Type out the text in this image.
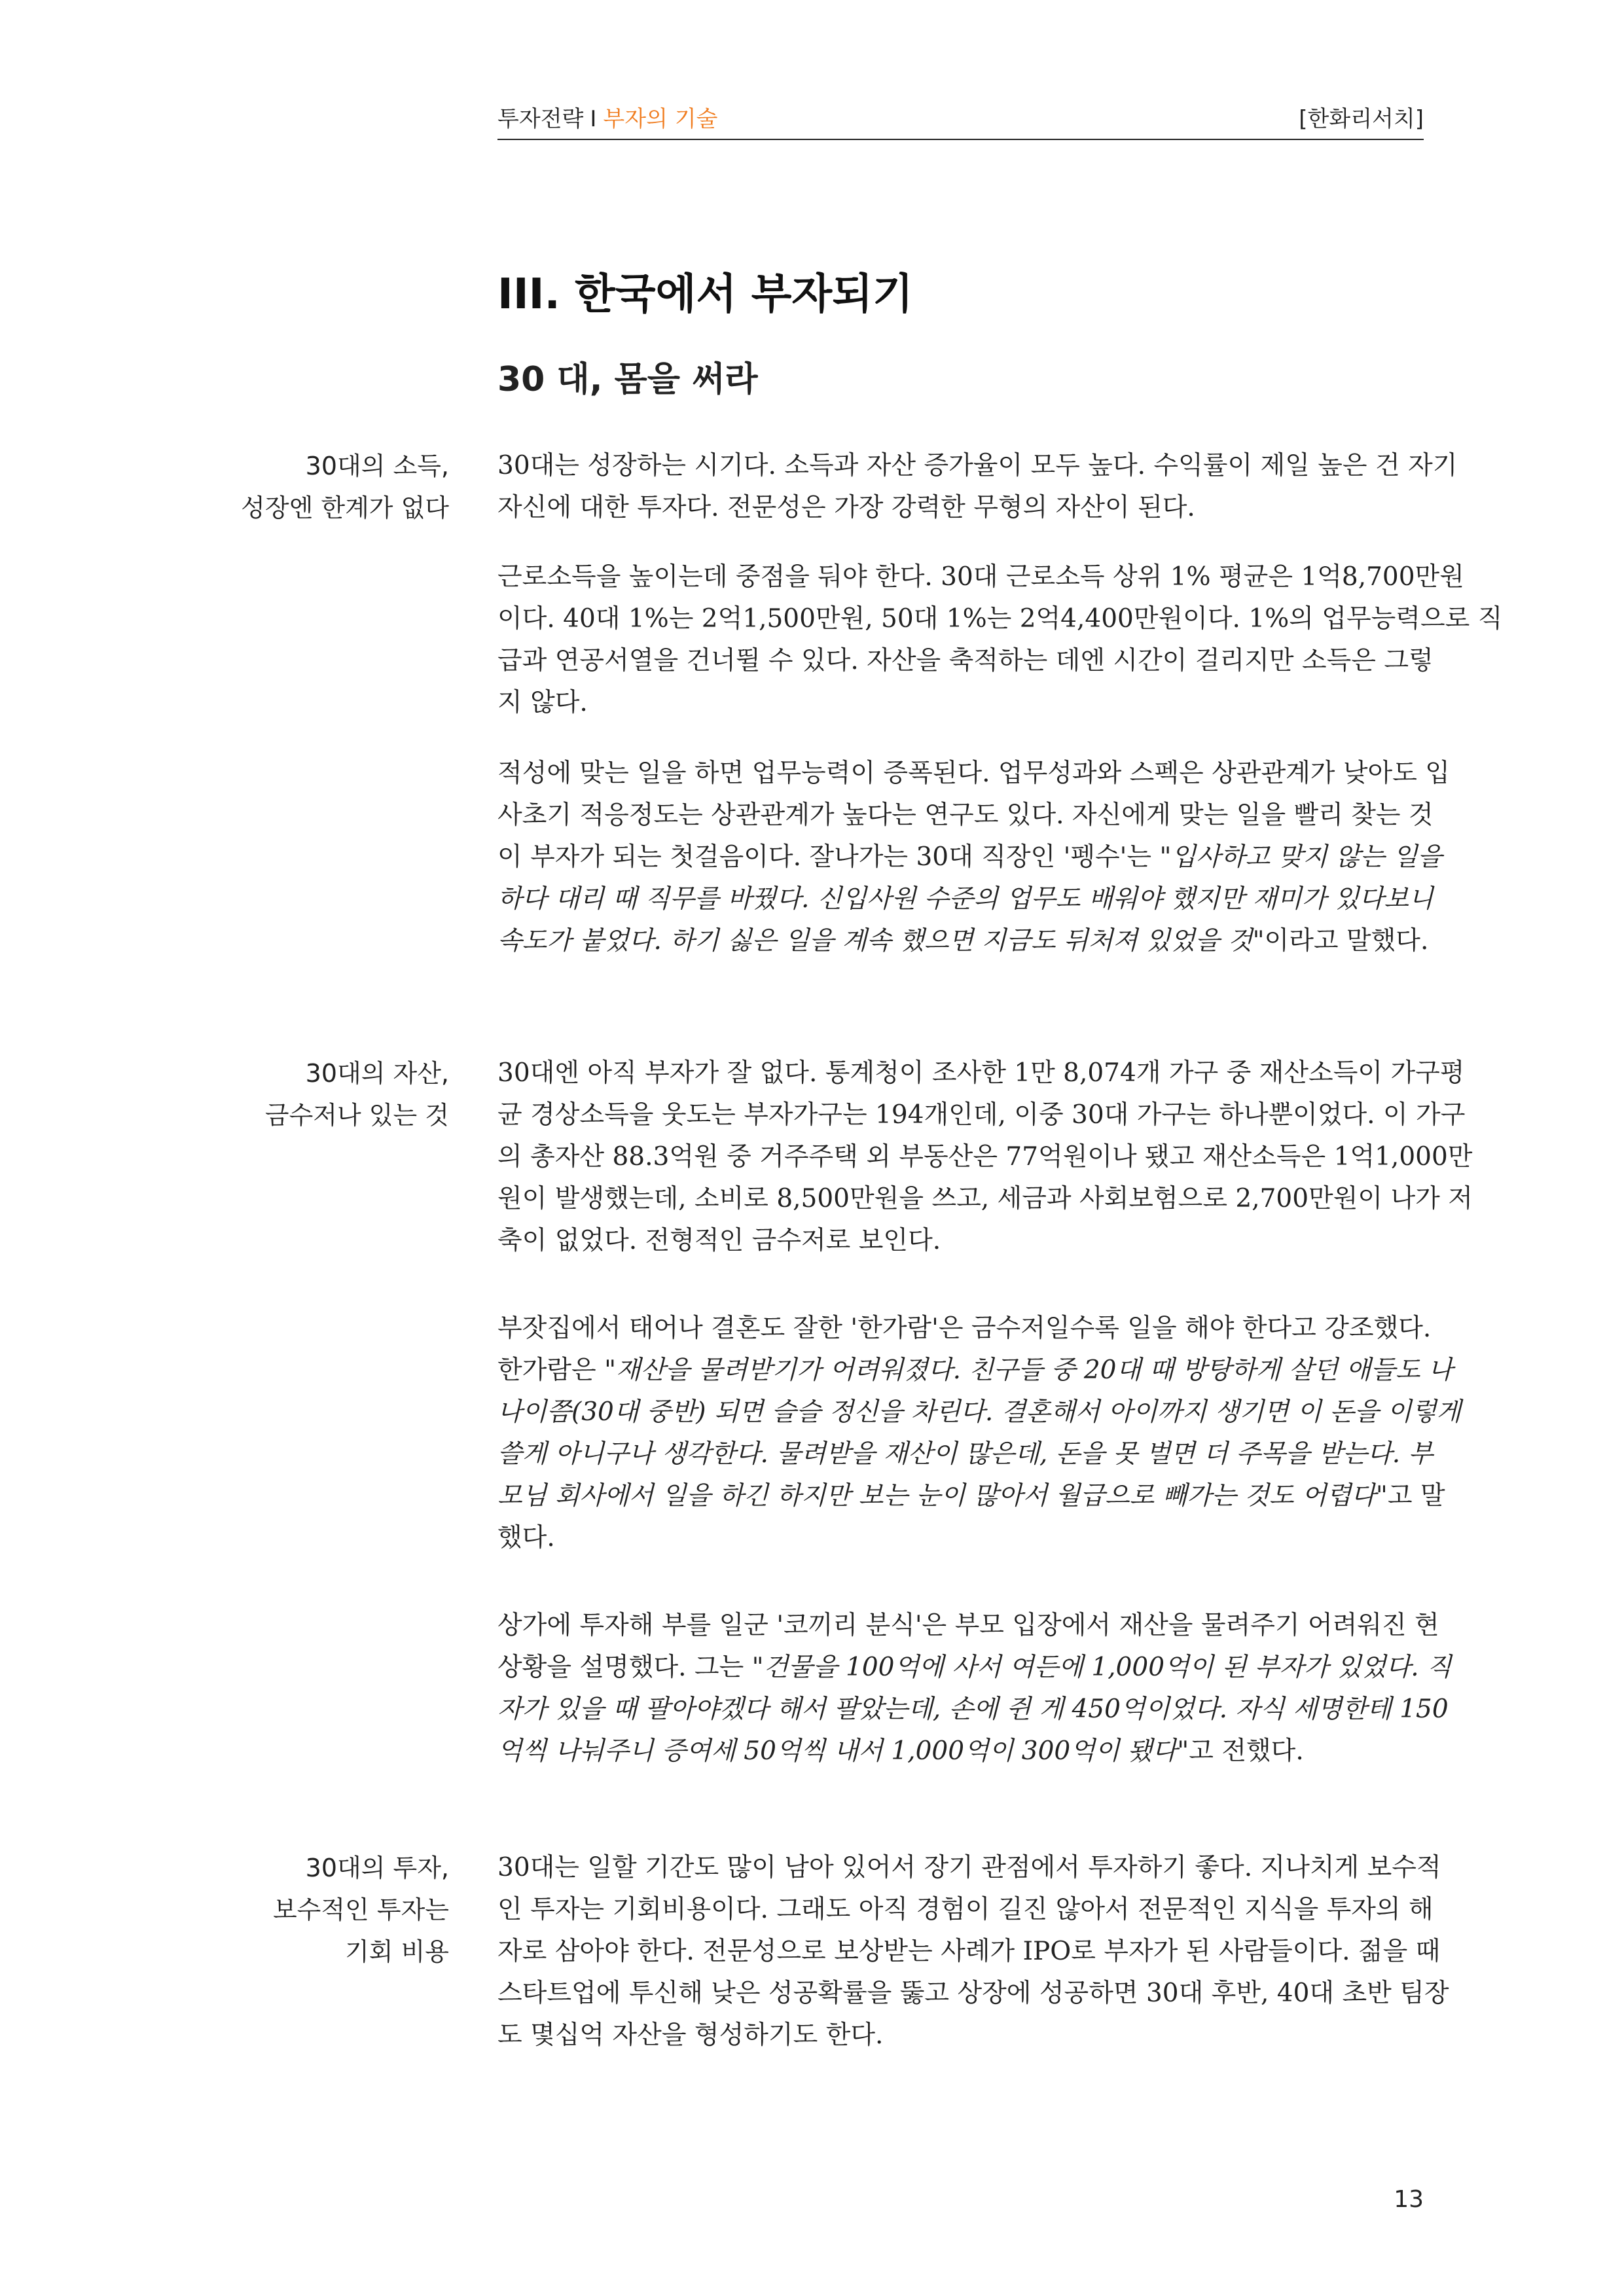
투자전략 I 부자의 기술	[한화리서치]
III. 한국에서 부자되기
30 대, 몸을 써라
30대의 소득,
성장엔 한계가 없다
30대의 자산,
금수저나 있는 것
30대의 투자,
보수적인 투자는
기회 비용
30대는 성장하는 시기다. 소득과 자산 증가율이 모두 높다. 수익률이 제일 높은 건 자기
자신에 대한 투자다. 전문성은 가장 강력한 무형의 자산이 된다.
근로소득을 높이는데 중점을 둬야 한다. 30대 근로소득 상위 1% 평균은 1억8,700만원
이다. 40대 1%는 2억1,500만원, 50대 1%는 2억4,400만원이다. 1%의 업무능력으로 직
급과 연공서열을 건너뛸 수 있다. 자산을 축적하는 데엔 시간이 걸리지만 소득은 그렇
지 않다.
적성에 맞는 일을 하면 업무능력이 증폭된다. 업무성과와 스펙은 상관관계가 낮아도 입
사초기 적응정도는 상관관계가 높다는 연구도 있다. 자신에게 맞는 일을 빨리 찾는 것
이 부자가 되는 첫걸음이다. 잘나가는 30대 직장인 '펭수'는 "입사하고 맞지 않는 일을
하다 대리 때 직무를 바꿨다. 신입사원 수준의 업무도 배워야 했지만 재미가 있다보니
속도가 붙었다. 하기 싫은 일을 계속 했으면 지금도 뒤처져 있었을 것"이라고 말했다.
30대엔 아직 부자가 잘 없다. 통계청이 조사한 1만 8,074개 가구 중 재산소득이 가구평
균 경상소득을 웃도는 부자가구는 194개인데, 이중 30대 가구는 하나뿐이었다. 이 가구
의 총자산 88.3억원 중 거주주택 외 부동산은 77억원이나 됐고 재산소득은 1억1,000만
원이 발생했는데, 소비로 8,500만원을 쓰고, 세금과 사회보험으로 2,700만원이 나가 저
축이 없었다. 전형적인 금수저로 보인다.
부잣집에서 태어나 결혼도 잘한 '한가람'은 금수저일수록 일을 해야 한다고 강조했다.
한가람은 "재산을 물려받기가 어려워졌다. 친구들 중 20대 때 방탕하게 살던 애들도 나
나이쯤(30대 중반) 되면 슬슬 정신을 차린다. 결혼해서 아이까지 생기면 이 돈을 이렇게
쓸게 아니구나 생각한다. 물려받을 재산이 많은데, 돈을 못 벌면 더 주목을 받는다. 부
모님 회사에서 일을 하긴 하지만 보는 눈이 많아서 월급으로 빼가는 것도 어렵다"고 말
했다.
상가에 투자해 부를 일군 '코끼리 분식'은 부모 입장에서 재산을 물려주기 어려워진 현
상황을 설명했다. 그는 "건물을 100억에 사서 여든에 1,000억이 된 부자가 있었다. 직
자가 있을 때 팔아야겠다 해서 팔았는데, 손에 쥔 게 450억이었다. 자식 세명한테 150
억씩 나눠주니 증여세 50억씩 내서 1,000억이 300억이 됐다"고 전했다.
30대는 일할 기간도 많이 남아 있어서 장기 관점에서 투자하기 좋다. 지나치게 보수적
인 투자는 기회비용이다. 그래도 아직 경험이 길진 않아서 전문적인 지식을 투자의 해
자로 삼아야 한다. 전문성으로 보상받는 사례가 IPO로 부자가 된 사람들이다. 젊을 때
스타트업에 투신해 낮은 성공확률을 뚫고 상장에 성공하면 30대 후반, 40대 초반 팀장
도 몇십억 자산을 형성하기도 한다.
13
